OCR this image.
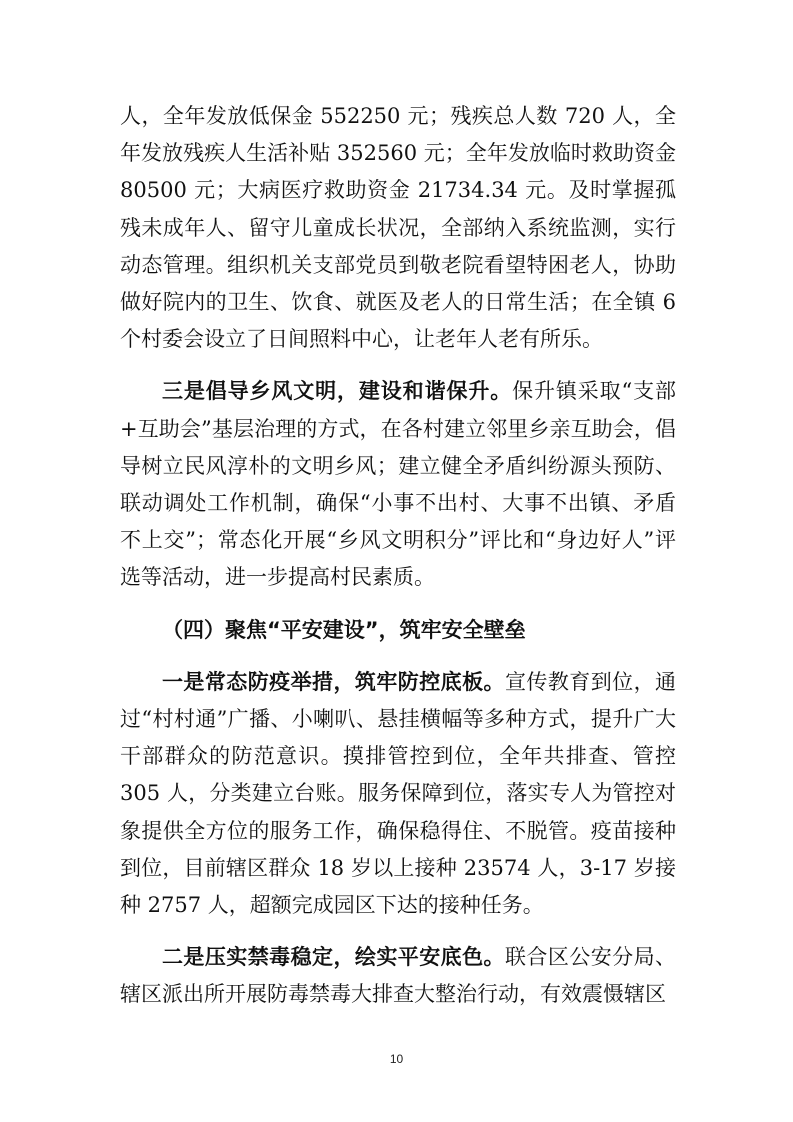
人，全年发放低保金 552250 元；残疾总人数 720 人，全年发放残疾人生活补贴 352560 元；全年发放临时救助资金 80500 元；大病医疗救助资金 21734.34 元。及时掌握孤残未成年人、留守儿童成长状况，全部纳入系统监测，实行动态管理。组织机关支部党员到敬老院看望特困老人，协助做好院内的卫生、饮食、就医及老人的日常生活；在全镇 6 个村委会设立了日间照料中心，让老年人老有所乐。

三是倡导乡风文明，建设和谐保升。保升镇采取“支部+互助会”基层治理的方式，在各村建立邻里乡亲互助会，倡导树立民风淳朴的文明乡风；建立健全矛盾纠纷源头预防、联动调处工作机制，确保“小事不出村、大事不出镇、矛盾不上交”；常态化开展“乡风文明积分”评比和“身边好人”评选等活动，进一步提高村民素质。

（四）聚焦“平安建设”，筑牢安全壁垒

一是常态防疫举措，筑牢防控底板。宣传教育到位，通过“村村通”广播、小喇叭、悬挂横幅等多种方式，提升广大干部群众的防范意识。摸排管控到位，全年共排查、管控 305 人，分类建立台账。服务保障到位，落实专人为管控对象提供全方位的服务工作，确保稳得住、不脱管。疫苗接种到位，目前辖区群众 18 岁以上接种 23574 人，3-17 岁接种 2757 人，超额完成园区下达的接种任务。

二是压实禁毒稳定，绘实平安底色。联合区公安分局、辖区派出所开展防毒禁毒大排查大整治行动，有效震慑辖区

10
